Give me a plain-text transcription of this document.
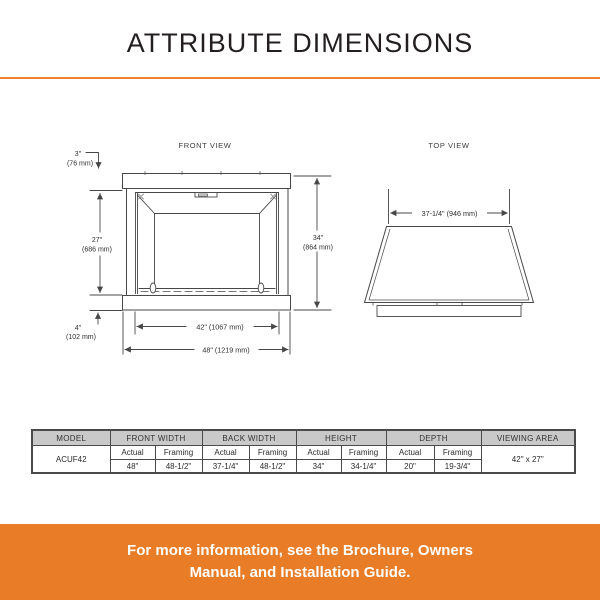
ATTRIBUTE DIMENSIONS
FRONT VIEW
3"
(76 mm)
27"
(686 mm)
34"
(864 mm)
4"
(102 mm)
42" (1067 mm)
48" (1219 mm)
TOP VIEW
37-1/4" (946 mm)
MODEL	FRONT WIDTH		BACK WIDTH		HEIGHT		DEPTH		VIEWING AREA
ACUF42	Actual	Framing	Actual	Framing	Actual	Framing	Actual	Framing	42" x 27"
	48"	48-1/2"	37-1/4"	48-1/2"	34"	34-1/4"	20"	19-3/4"	
For more information, see the Brochure, Owners
Manual, and Installation Guide.
